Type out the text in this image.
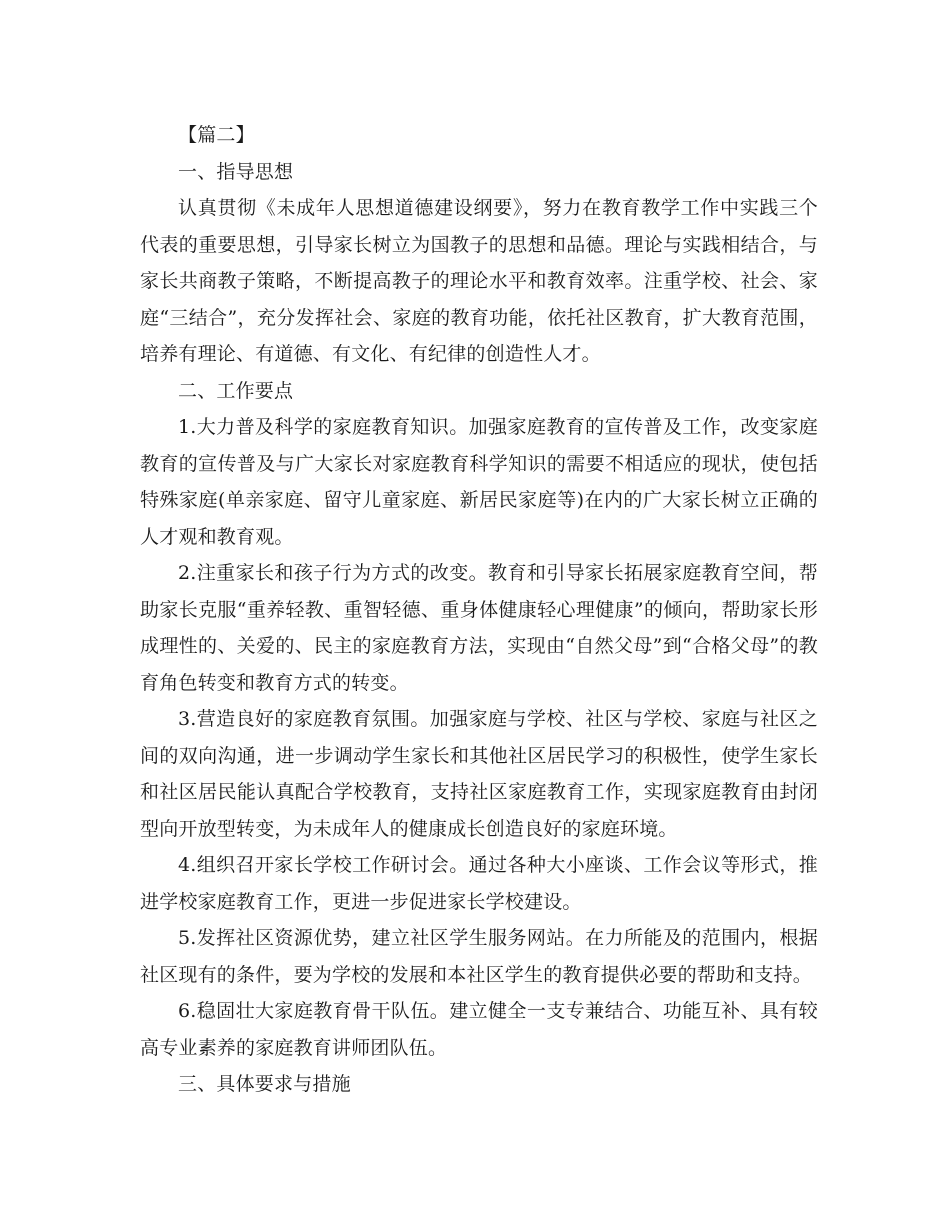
【篇二】

一、指导思想

认真贯彻《未成年人思想道德建设纲要》，努力在教育教学工作中实践三个代表的重要思想，引导家长树立为国教子的思想和品德。理论与实践相结合，与家长共商教子策略，不断提高教子的理论水平和教育效率。注重学校、社会、家庭“三结合”，充分发挥社会、家庭的教育功能，依托社区教育，扩大教育范围，培养有理论、有道德、有文化、有纪律的创造性人才。

二、工作要点

1.大力普及科学的家庭教育知识。加强家庭教育的宣传普及工作，改变家庭教育的宣传普及与广大家长对家庭教育科学知识的需要不相适应的现状，使包括特殊家庭(单亲家庭、留守儿童家庭、新居民家庭等)在内的广大家长树立正确的人才观和教育观。

2.注重家长和孩子行为方式的改变。教育和引导家长拓展家庭教育空间，帮助家长克服“重养轻教、重智轻德、重身体健康轻心理健康”的倾向，帮助家长形成理性的、关爱的、民主的家庭教育方法，实现由“自然父母”到“合格父母”的教育角色转变和教育方式的转变。

3.营造良好的家庭教育氛围。加强家庭与学校、社区与学校、家庭与社区之间的双向沟通，进一步调动学生家长和其他社区居民学习的积极性，使学生家长和社区居民能认真配合学校教育，支持社区家庭教育工作，实现家庭教育由封闭型向开放型转变，为未成年人的健康成长创造良好的家庭环境。

4.组织召开家长学校工作研讨会。通过各种大小座谈、工作会议等形式，推进学校家庭教育工作，更进一步促进家长学校建设。

5.发挥社区资源优势，建立社区学生服务网站。在力所能及的范围内，根据社区现有的条件，要为学校的发展和本社区学生的教育提供必要的帮助和支持。

6.稳固壮大家庭教育骨干队伍。建立健全一支专兼结合、功能互补、具有较高专业素养的家庭教育讲师团队伍。

三、具体要求与措施
